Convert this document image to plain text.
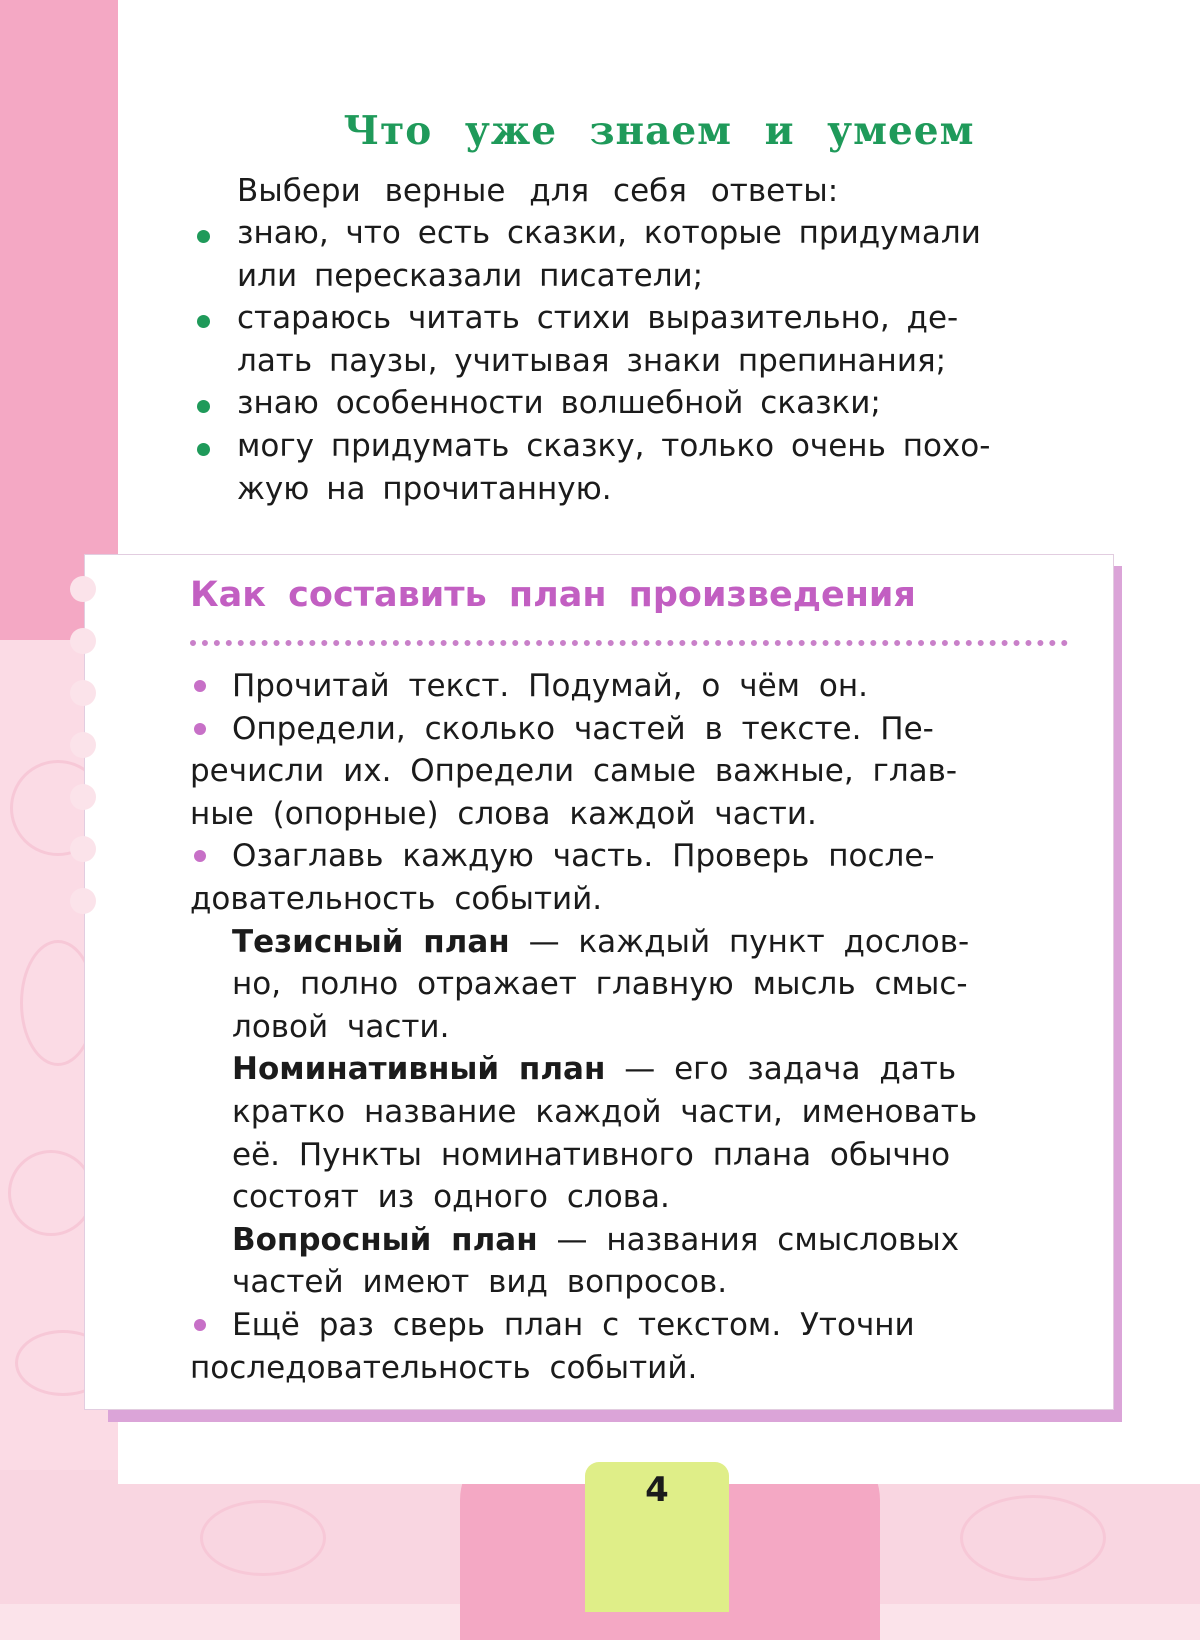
Что уже знаем и умеем
Выбери верные для себя ответы:
знаю, что есть сказки, которые придумали
или пересказали писатели;
стараюсь читать стихи выразительно, де-
лать паузы, учитывая знаки препинания;
знаю особенности волшебной сказки;
могу придумать сказку, только очень похо-
жую на прочитанную.
Как составить план произведения
Прочитай текст. Подумай, о чём он.
Определи, сколько частей в тексте. Пе-
речисли их. Определи самые важные, глав-
ные (опорные) слова каждой части.
Озаглавь каждую часть. Проверь после-
довательность событий.
Тезисный план — каждый пункт дослов-
но, полно отражает главную мысль смыс-
ловой части.
Номинативный план — его задача дать
кратко название каждой части, именовать
её. Пункты номинативного плана обычно
состоят из одного слова.
Вопросный план — названия смысловых
частей имеют вид вопросов.
Ещё раз сверь план с текстом. Уточни
последовательность событий.
4
